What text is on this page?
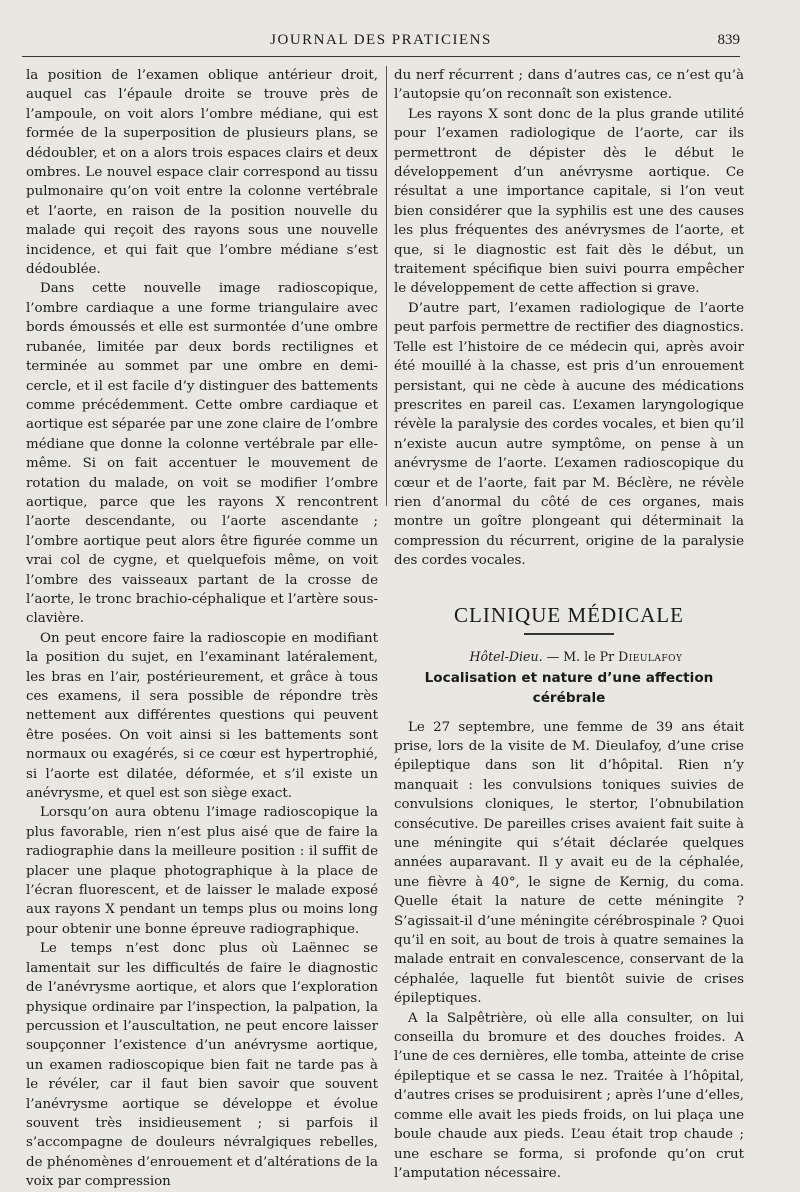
JOURNAL DES PRATICIENS	839

la position de l’examen oblique antérieur droit, auquel cas l’épaule droite se trouve près de l’ampoule, on voit alors l’ombre médiane, qui est formée de la superposition de plusieurs plans, se dédoubler, et on a alors trois espaces clairs et deux ombres. Le nouvel espace clair correspond au tissu pulmonaire qu’on voit entre la colonne vertébrale et l’aorte, en raison de la position nouvelle du malade qui reçoit des rayons sous une nouvelle incidence, et qui fait que l’ombre médiane s’est dédoublée.

Dans cette nouvelle image radioscopique, l’ombre cardiaque a une forme triangulaire avec bords émoussés et elle est surmontée d’une ombre rubanée, limitée par deux bords rectilignes et terminée au sommet par une ombre en demi-cercle, et il est facile d’y distinguer des battements comme précédemment. Cette ombre cardiaque et aortique est séparée par une zone claire de l’ombre médiane que donne la colonne vertébrale par elle-même. Si on fait accentuer le mouvement de rotation du malade, on voit se modifier l’ombre aortique, parce que les rayons X rencontrent l’aorte descendante, ou l’aorte ascendante ; l’ombre aortique peut alors être figurée comme un vrai col de cygne, et quelquefois même, on voit l’ombre des vaisseaux partant de la crosse de l’aorte, le tronc brachio-céphalique et l’artère sous-clavière.

On peut encore faire la radioscopie en modifiant la position du sujet, en l’examinant latéralement, les bras en l’air, postérieurement, et grâce à tous ces examens, il sera possible de répondre très nettement aux différentes questions qui peuvent être posées. On voit ainsi si les battements sont normaux ou exagérés, si ce cœur est hypertrophié, si l’aorte est dilatée, déformée, et s’il existe un anévrysme, et quel est son siège exact.

Lorsqu’on aura obtenu l’image radioscopique la plus favorable, rien n’est plus aisé que de faire la radiographie dans la meilleure position : il suffit de placer une plaque photographique à la place de l’écran fluorescent, et de laisser le malade exposé aux rayons X pendant un temps plus ou moins long pour obtenir une bonne épreuve radiographique.

Le temps n’est donc plus où Laënnec se lamentait sur les difficultés de faire le diagnostic de l’anévrysme aortique, et alors que l’exploration physique ordinaire par l’inspection, la palpation, la percussion et l’auscultation, ne peut encore laisser soupçonner l’existence d’un anévrysme aortique, un examen radioscopique bien fait ne tarde pas à le révéler, car il faut bien savoir que souvent l’anévrysme aortique se développe et évolue souvent très insidieusement ; si parfois il s’accompagne de douleurs névralgiques rebelles, de phénomènes d’enrouement et d’altérations de la voix par compression

du nerf récurrent ; dans d’autres cas, ce n’est qu’à l’autopsie qu’on reconnaît son existence.

Les rayons X sont donc de la plus grande utilité pour l’examen radiologique de l’aorte, car ils permettront de dépister dès le début le développement d’un anévrysme aortique. Ce résultat a une importance capitale, si l’on veut bien considérer que la syphilis est une des causes les plus fréquentes des anévrysmes de l’aorte, et que, si le diagnostic est fait dès le début, un traitement spécifique bien suivi pourra empêcher le développement de cette affection si grave.

D’autre part, l’examen radiologique de l’aorte peut parfois permettre de rectifier des diagnostics. Telle est l’histoire de ce médecin qui, après avoir été mouillé à la chasse, est pris d’un enrouement persistant, qui ne cède à aucune des médications prescrites en pareil cas. L’examen laryngologique révèle la paralysie des cordes vocales, et bien qu’il n’existe aucun autre symptôme, on pense à un anévrysme de l’aorte. L’examen radioscopique du cœur et de l’aorte, fait par M. Béclère, ne révèle rien d’anormal du côté de ces organes, mais montre un goître plongeant qui déterminait la compression du récurrent, origine de la paralysie des cordes vocales.

CLINIQUE MÉDICALE

Hôtel-Dieu. — M. le Pr Dieulafoy

Localisation et nature d’une affection cérébrale

Le 27 septembre, une femme de 39 ans était prise, lors de la visite de M. Dieulafoy, d’une crise épileptique dans son lit d’hôpital. Rien n’y manquait : les convulsions toniques suivies de convulsions cloniques, le stertor, l’obnubilation consécutive. De pareilles crises avaient fait suite à une méningite qui s’était déclarée quelques années auparavant. Il y avait eu de la céphalée, une fièvre à 40°, le signe de Kernig, du coma. Quelle était la nature de cette méningite ? S’agissait-il d’une méningite cérébrospinale ? Quoi qu’il en soit, au bout de trois à quatre semaines la malade entrait en convalescence, conservant de la céphalée, laquelle fut bientôt suivie de crises épileptiques.

A la Salpêtrière, où elle alla consulter, on lui conseilla du bromure et des douches froides. A l’une de ces dernières, elle tomba, atteinte de crise épileptique et se cassa le nez. Traitée à l’hôpital, d’autres crises se produisirent ; après l’une d’elles, comme elle avait les pieds froids, on lui plaça une boule chaude aux pieds. L’eau était trop chaude ; une eschare se forma, si profonde qu’on crut l’amputation nécessaire.
